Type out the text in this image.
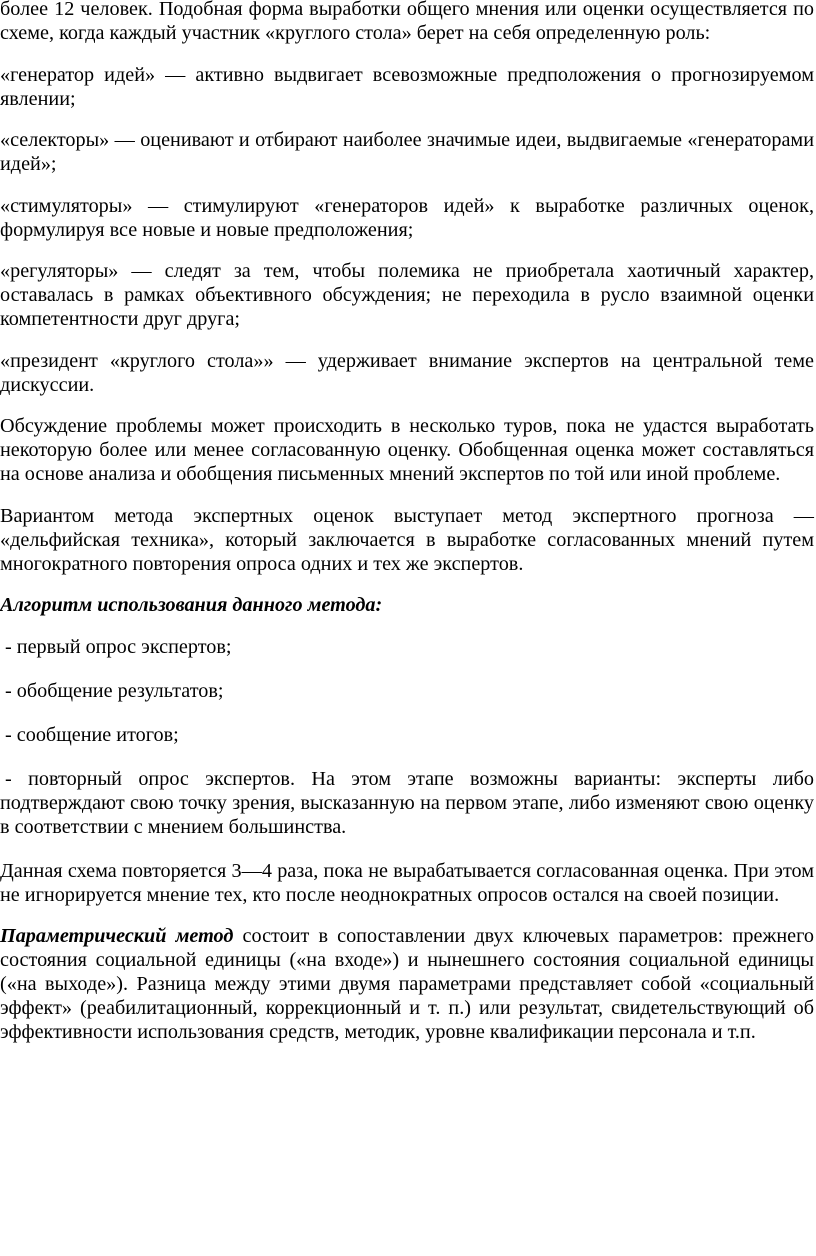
более 12 человек. Подобная форма выработки общего мнения или оценки осуществляется по схеме, когда каждый участник «круглого стола» берет на себя определенную роль:

«генератор идей» — активно выдвигает всевозможные предположения о прогнозируемом явлении;

«селекторы» — оценивают и отбирают наиболее значимые идеи, выдвигаемые «генераторами идей»;

«стимуляторы» — стимулируют «генераторов идей» к выработке различных оценок, формулируя все новые и новые предположения;

«регуляторы» — следят за тем, чтобы полемика не приобретала хаотичный характер, оставалась в рамках объективного обсуждения; не переходила в русло взаимной оценки компетентности друг друга;

«президент «круглого стола»» — удерживает внимание экспертов на центральной теме дискуссии.

Обсуждение проблемы может происходить в несколько туров, пока не удастся выработать некоторую более или менее согласованную оценку. Обобщенная оценка может составляться на основе анализа и обобщения письменных мнений экспертов по той или иной проблеме.

Вариантом метода экспертных оценок выступает метод экспертного прогноза — «дельфийская техника», который заключается в выработке согласованных мнений путем многократного повторения опроса одних и тех же экспертов.

Алгоритм использования данного метода:

- первый опрос экспертов;

- обобщение результатов;

- сообщение итогов;

- повторный опрос экспертов. На этом этапе возможны варианты: эксперты либо подтверждают свою точку зрения, высказанную на первом этапе, либо изменяют свою оценку в соответствии с мнением большинства.

Данная схема повторяется 3—4 раза, пока не вырабатывается согласованная оценка. При этом не игнорируется мнение тех, кто после неоднократных опросов остался на своей позиции.

Параметрический метод состоит в сопоставлении двух ключевых параметров: прежнего состояния социальной единицы («на входе») и нынешнего состояния социальной единицы («на выходе»). Разница между этими двумя параметрами представляет собой «социальный эффект» (реабилитационный, коррекционный и т. п.) или результат, свидетельствующий об эффективности использования средств, методик, уровне квалификации персонала и т.п.
